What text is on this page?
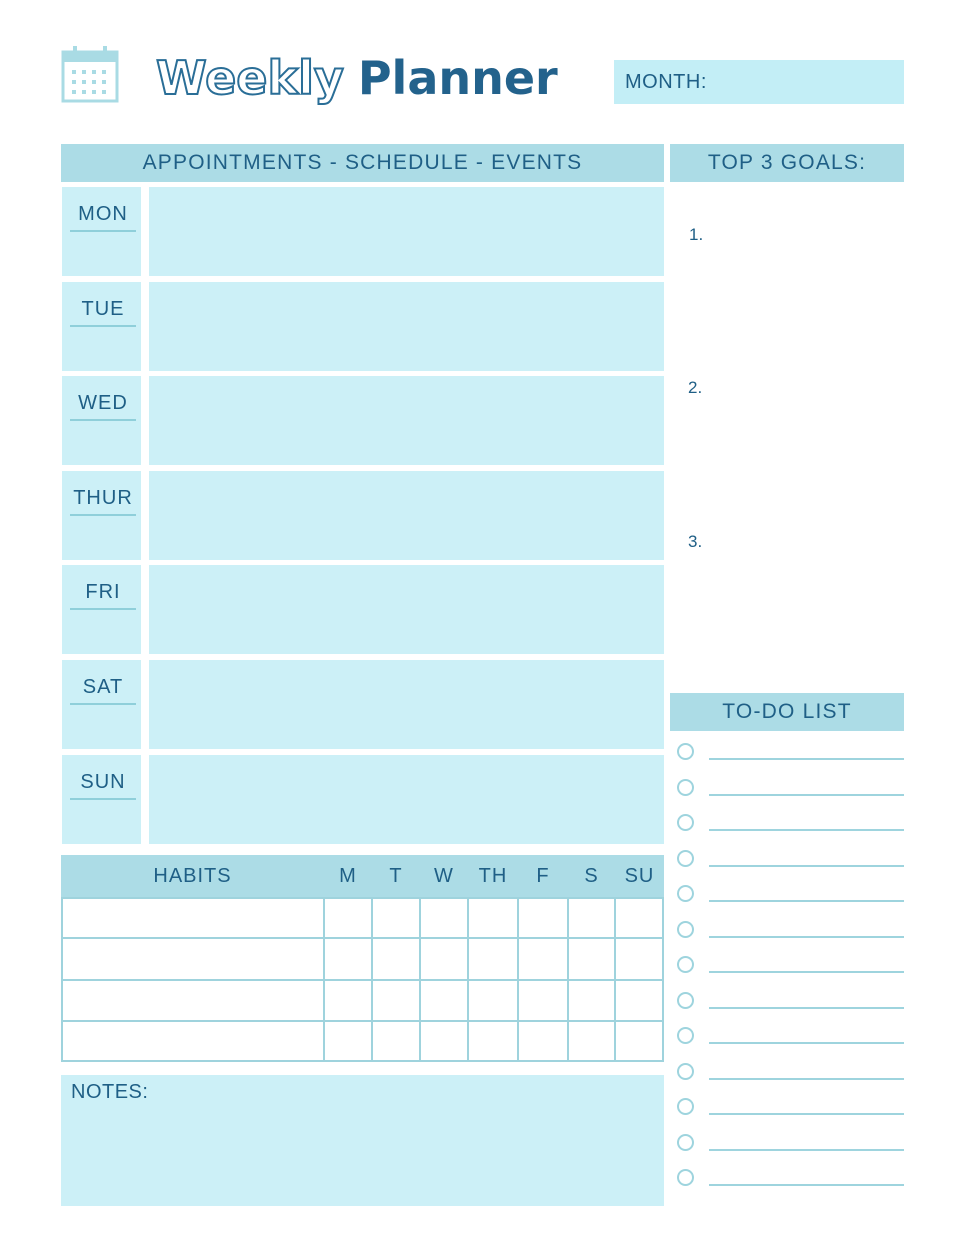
Weekly Planner	MONTH:
APPOINTMENTS - SCHEDULE - EVENTS	TOP 3 GOALS:
MON
TUE
WED
THUR
FRI
SAT
SUN
1.
2.
3.
TO-DO LIST
HABITS	M	T	W	TH	F	S	SU
NOTES:
